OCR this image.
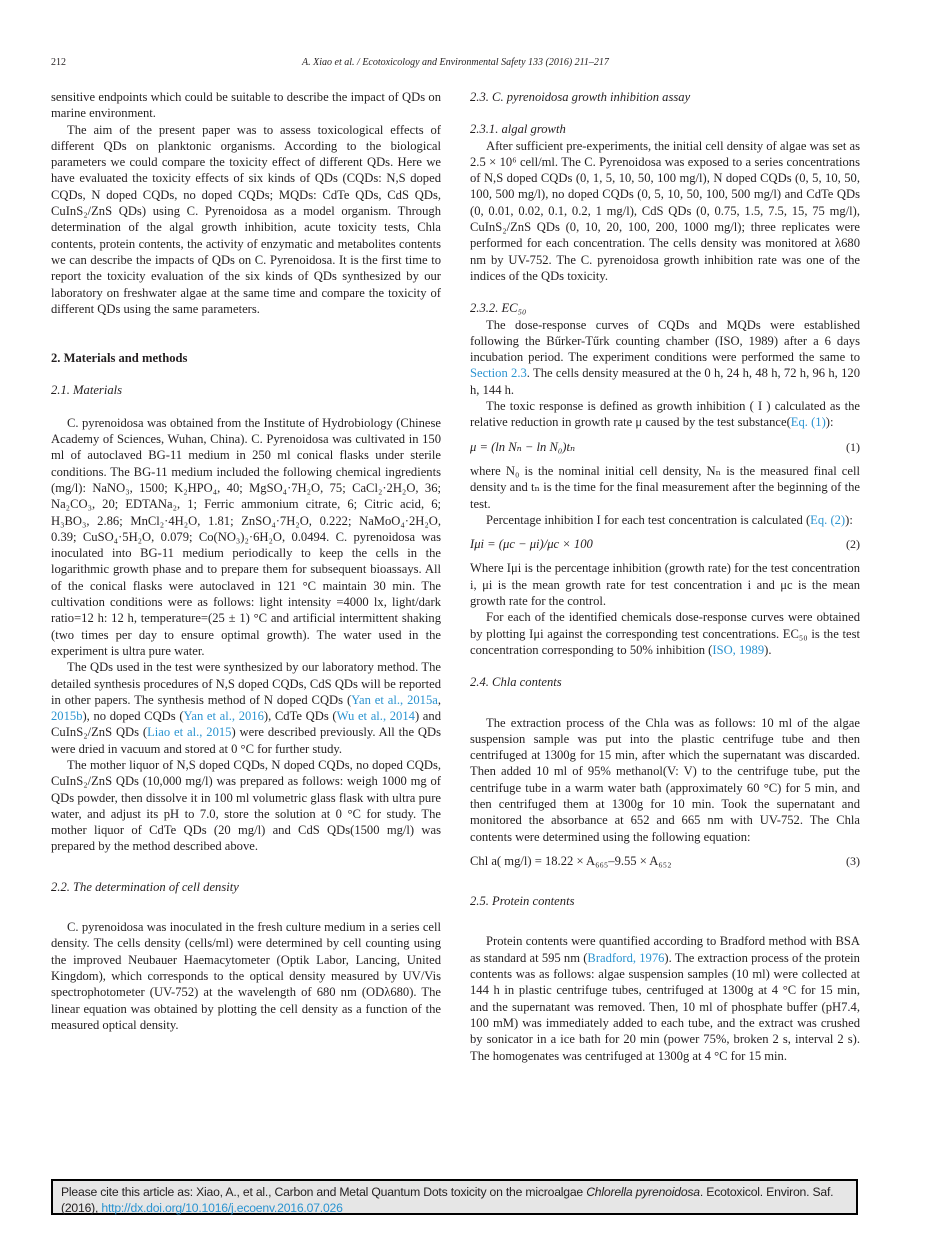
212	A. Xiao et al. / Ecotoxicology and Environmental Safety 133 (2016) 211–217

sensitive endpoints which could be suitable to describe the impact of QDs on marine environment.

The aim of the present paper was to assess toxicological effects of different QDs on planktonic organisms. According to the biological parameters we could compare the toxicity effect of different QDs. Here we have evaluated the toxicity effects of six kinds of QDs (CQDs: N,S doped CQDs, N doped CQDs, no doped CQDs; MQDs: CdTe QDs, CdS QDs, CuInS₂/ZnS QDs) using C. Pyrenoidosa as a model organism. Through determination of the algal growth inhibition, acute toxicity tests, Chla contents, protein contents, the activity of enzymatic and metabolites contents we can describe the impacts of QDs on C. Pyrenoidosa. It is the first time to report the toxicity evaluation of the six kinds of QDs synthesized by our laboratory on freshwater algae at the same time and compare the toxicity of different QDs using the same parameters.

2. Materials and methods
2.1. Materials

C. pyrenoidosa was obtained from the Institute of Hydrobiology (Chinese Academy of Sciences, Wuhan, China). C. Pyrenoidosa was cultivated in 150 ml of autoclaved BG-11 medium in 250 ml conical flasks under sterile conditions. The BG-11 medium included the following chemical ingredients (mg/l): NaNO₃, 1500; K₂HPO₄, 40; MgSO₄·7H₂O, 75; CaCl₂·2H₂O, 36; Na₂CO₃, 20; EDTANa₂, 1; Ferric ammonium citrate, 6; Citric acid, 6; H₃BO₃, 2.86; MnCl₂·4H₂O, 1.81; ZnSO₄·7H₂O, 0.222; NaMoO₄·2H₂O, 0.39; CuSO₄·5H₂O, 0.079; Co(NO₃)₂·6H₂O, 0.0494. C. pyrenoidosa was inoculated into BG-11 medium periodically to keep the cells in the logarithmic growth phase and to prepare them for subsequent bioassays. All of the conical flasks were autoclaved in 121 °C maintain 30 min. The cultivation conditions were as follows: light intensity =4000 lx, light/dark ratio=12 h: 12 h, temperature=(25 ± 1) °C and artificial intermittent shaking (two times per day to ensure optimal growth). The water used in the experiment is ultra pure water.

The QDs used in the test were synthesized by our laboratory method. The detailed synthesis procedures of N,S doped CQDs, CdS QDs will be reported in other papers. The synthesis method of N doped CQDs (Yan et al., 2015a, 2015b), no doped CQDs (Yan et al., 2016), CdTe QDs (Wu et al., 2014) and CuInS₂/ZnS QDs (Liao et al., 2015) were described previously. All the QDs were dried in vacuum and stored at 0 °C for further study.

The mother liquor of N,S doped CQDs, N doped CQDs, no doped CQDs, CuInS₂/ZnS QDs (10,000 mg/l) was prepared as follows: weigh 1000 mg of QDs powder, then dissolve it in 100 ml volumetric glass flask with ultra pure water, and adjust its pH to 7.0, store the solution at 0 °C for study. The mother liquor of CdTe QDs (20 mg/l) and CdS QDs(1500 mg/l) was prepared by the method described above.

2.2. The determination of cell density

C. pyrenoidosa was inoculated in the fresh culture medium in a series cell density. The cells density (cells/ml) were determined by cell counting using the improved Neubauer Haemacytometer (Optik Labor, Lancing, United Kingdom), which corresponds to the optical density measured by UV/Vis spectrophotometer (UV-752) at the wavelength of 680 nm (ODλ680). The linear equation was obtained by plotting the cell density as a function of the measured optical density.

2.3. C. pyrenoidosa growth inhibition assay
2.3.1. algal growth

After sufficient pre-experiments, the initial cell density of algae was set as 2.5 × 10⁶ cell/ml. The C. Pyrenoidosa was exposed to a series concentrations of N,S doped CQDs (0, 1, 5, 10, 50, 100 mg/l), N doped CQDs (0, 5, 10, 50, 100, 500 mg/l), no doped CQDs (0, 5, 10, 50, 100, 500 mg/l) and CdTe QDs (0, 0.01, 0.02, 0.1, 0.2, 1 mg/l), CdS QDs (0, 0.75, 1.5, 7.5, 15, 75 mg/l), CuInS₂/ZnS QDs (0, 10, 20, 100, 200, 1000 mg/l); three replicates were performed for each concentration. The cells density was monitored at λ680 nm by UV-752. The C. pyrenoidosa growth inhibition rate was one of the indices of the QDs toxicity.

2.3.2. EC₅₀

The dose-response curves of CQDs and MQDs were established following the Bűrker-Tűrk counting chamber (ISO, 1989) after a 6 days incubation period. The experiment conditions were performed the same to Section 2.3. The cells density measured at the 0 h, 24 h, 48 h, 72 h, 96 h, 120 h, 144 h.

The toxic response is defined as growth inhibition ( I ) calculated as the relative reduction in growth rate μ caused by the test substance(Eq. (1)):

μ = (ln Nₙ − ln N₀)tₙ	(1)

where N₀ is the nominal initial cell density, Nₙ is the measured final cell density and tₙ is the time for the final measurement after the beginning of the test.

Percentage inhibition I for each test concentration is calculated (Eq. (2)):

Iμi = (μc − μi)/μc × 100	(2)

Where Iμi is the percentage inhibition (growth rate) for the test concentration i, μi is the mean growth rate for test concentration i and μc is the mean growth rate for the control.

For each of the identified chemicals dose-response curves were obtained by plotting Iμi against the corresponding test concentrations. EC₅₀ is the test concentration corresponding to 50% inhibition (ISO, 1989).

2.4. Chla contents

The extraction process of the Chla was as follows: 10 ml of the algae suspension sample was put into the plastic centrifuge tube and then centrifuged at 1300g for 15 min, after which the supernatant was discarded. Then added 10 ml of 95% methanol(V: V) to the centrifuge tube, put the centrifuge tube in a warm water bath (approximately 60 °C) for 5 min, and then centrifuged them at 1300g for 10 min. Took the supernatant and monitored the absorbance at 652 and 665 nm with UV-752. The Chla contents were determined using the following equation:

Chl a( mg/l) = 18.22 × A₆₆₅–9.55 × A₆₅₂	(3)
2.5. Protein contents

Protein contents were quantified according to Bradford method with BSA as standard at 595 nm (Bradford, 1976). The extraction process of the protein contents was as follows: algae suspension samples (10 ml) were collected at 144 h in plastic centrifuge tubes, centrifuged at 1300g at 4 °C for 15 min, and the supernatant was removed. Then, 10 ml of phosphate buffer (pH7.4, 100 mM) was immediately added to each tube, and the extract was crushed by sonicator in a ice bath for 20 min (power 75%, broken 2 s, interval 2 s). The homogenates was centrifuged at 1300g at 4 °C for 15 min.

Please cite this article as: Xiao, A., et al., Carbon and Metal Quantum Dots toxicity on the microalgae Chlorella pyrenoidosa. Ecotoxicol. Environ. Saf. (2016), http://dx.doi.org/10.1016/j.ecoenv.2016.07.026
